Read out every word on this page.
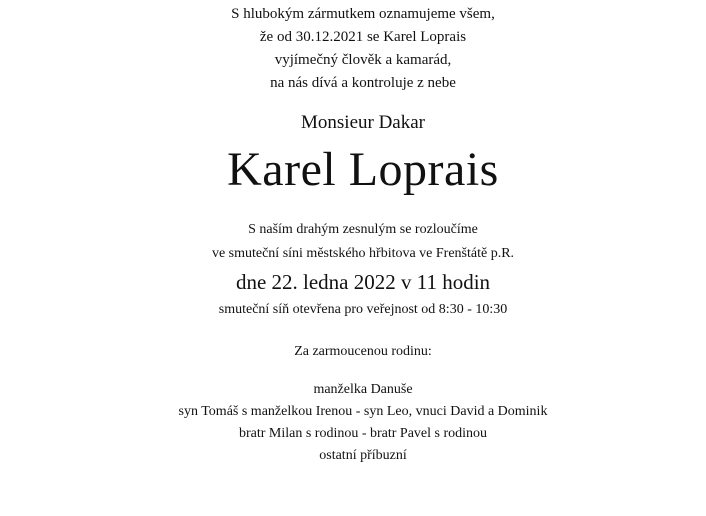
S hlubokým zármutkem oznamujeme všem,
že od 30.12.2021 se Karel Loprais
vyjímečný člověk a kamarád,
na nás dívá a kontroluje z nebe
Monsieur Dakar
Karel Loprais
S naším drahým zesnulým se rozloučíme
ve smuteční síni městského hřbitova ve Frenštátě p.R.
dne 22. ledna 2022 v 11 hodin
smuteční síň otevřena pro veřejnost od 8:30 - 10:30
Za zarmoucenou rodinu:
manželka Danuše
syn Tomáš s manželkou Irenou - syn Leo, vnuci David a Dominik
bratr Milan s rodinou - bratr Pavel s rodinou
ostatní příbuzní
